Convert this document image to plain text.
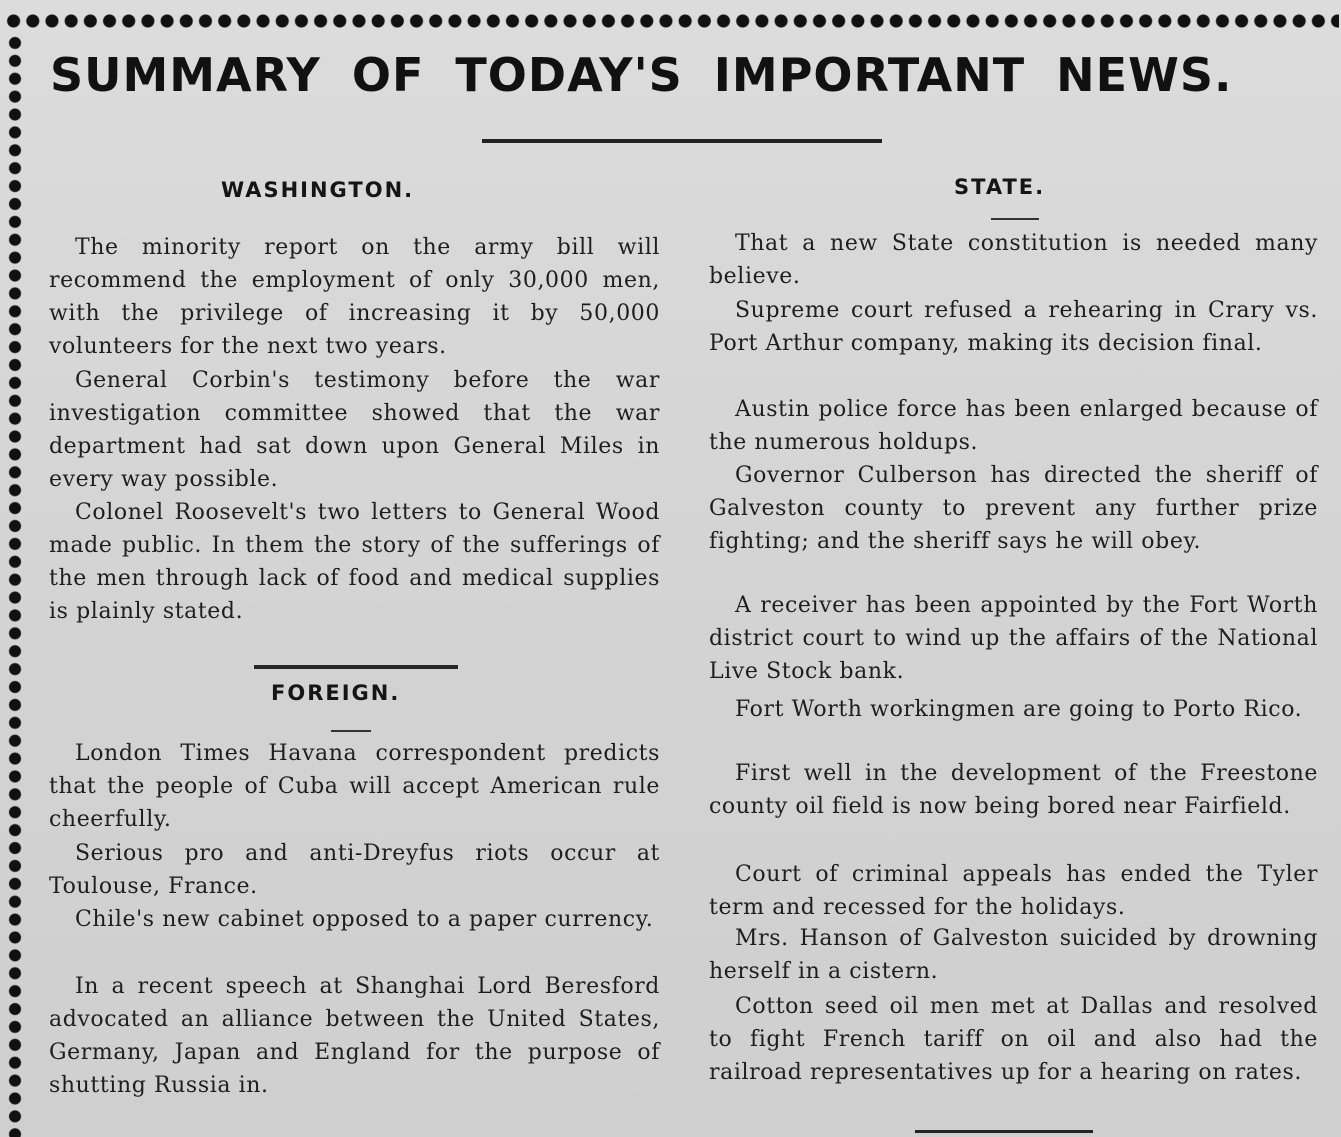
SUMMARY OF TODAY'S IMPORTANT NEWS.
WASHINGTON.
The minority report on the army bill will recommend the employment of only 30,000 men, with the privilege of increasing it by 50,000 volunteers for the next two years.
General Corbin's testimony before the war investigation committee showed that the war department had sat down upon General Miles in every way possible.
Colonel Roosevelt's two letters to General Wood made public. In them the story of the sufferings of the men through lack of food and medical supplies is plainly stated.
FOREIGN.
London Times Havana correspondent predicts that the people of Cuba will accept American rule cheerfully.
Serious pro and anti-Dreyfus riots occur at Toulouse, France.
Chile's new cabinet opposed to a paper currency.
In a recent speech at Shanghai Lord Beresford advocated an alliance between the United States, Germany, Japan and England for the purpose of shutting Russia in.
STATE.
That a new State constitution is needed many believe.
Supreme court refused a rehearing in Crary vs. Port Arthur company, making its decision final.
Austin police force has been enlarged because of the numerous holdups.
Governor Culberson has directed the sheriff of Galveston county to prevent any further prize fighting; and the sheriff says he will obey.
A receiver has been appointed by the Fort Worth district court to wind up the affairs of the National Live Stock bank.
Fort Worth workingmen are going to Porto Rico.
First well in the development of the Freestone county oil field is now being bored near Fairfield.
Court of criminal appeals has ended the Tyler term and recessed for the holidays.
Mrs. Hanson of Galveston suicided by drowning herself in a cistern.
Cotton seed oil men met at Dallas and resolved to fight French tariff on oil and also had the railroad representatives up for a hearing on rates.
